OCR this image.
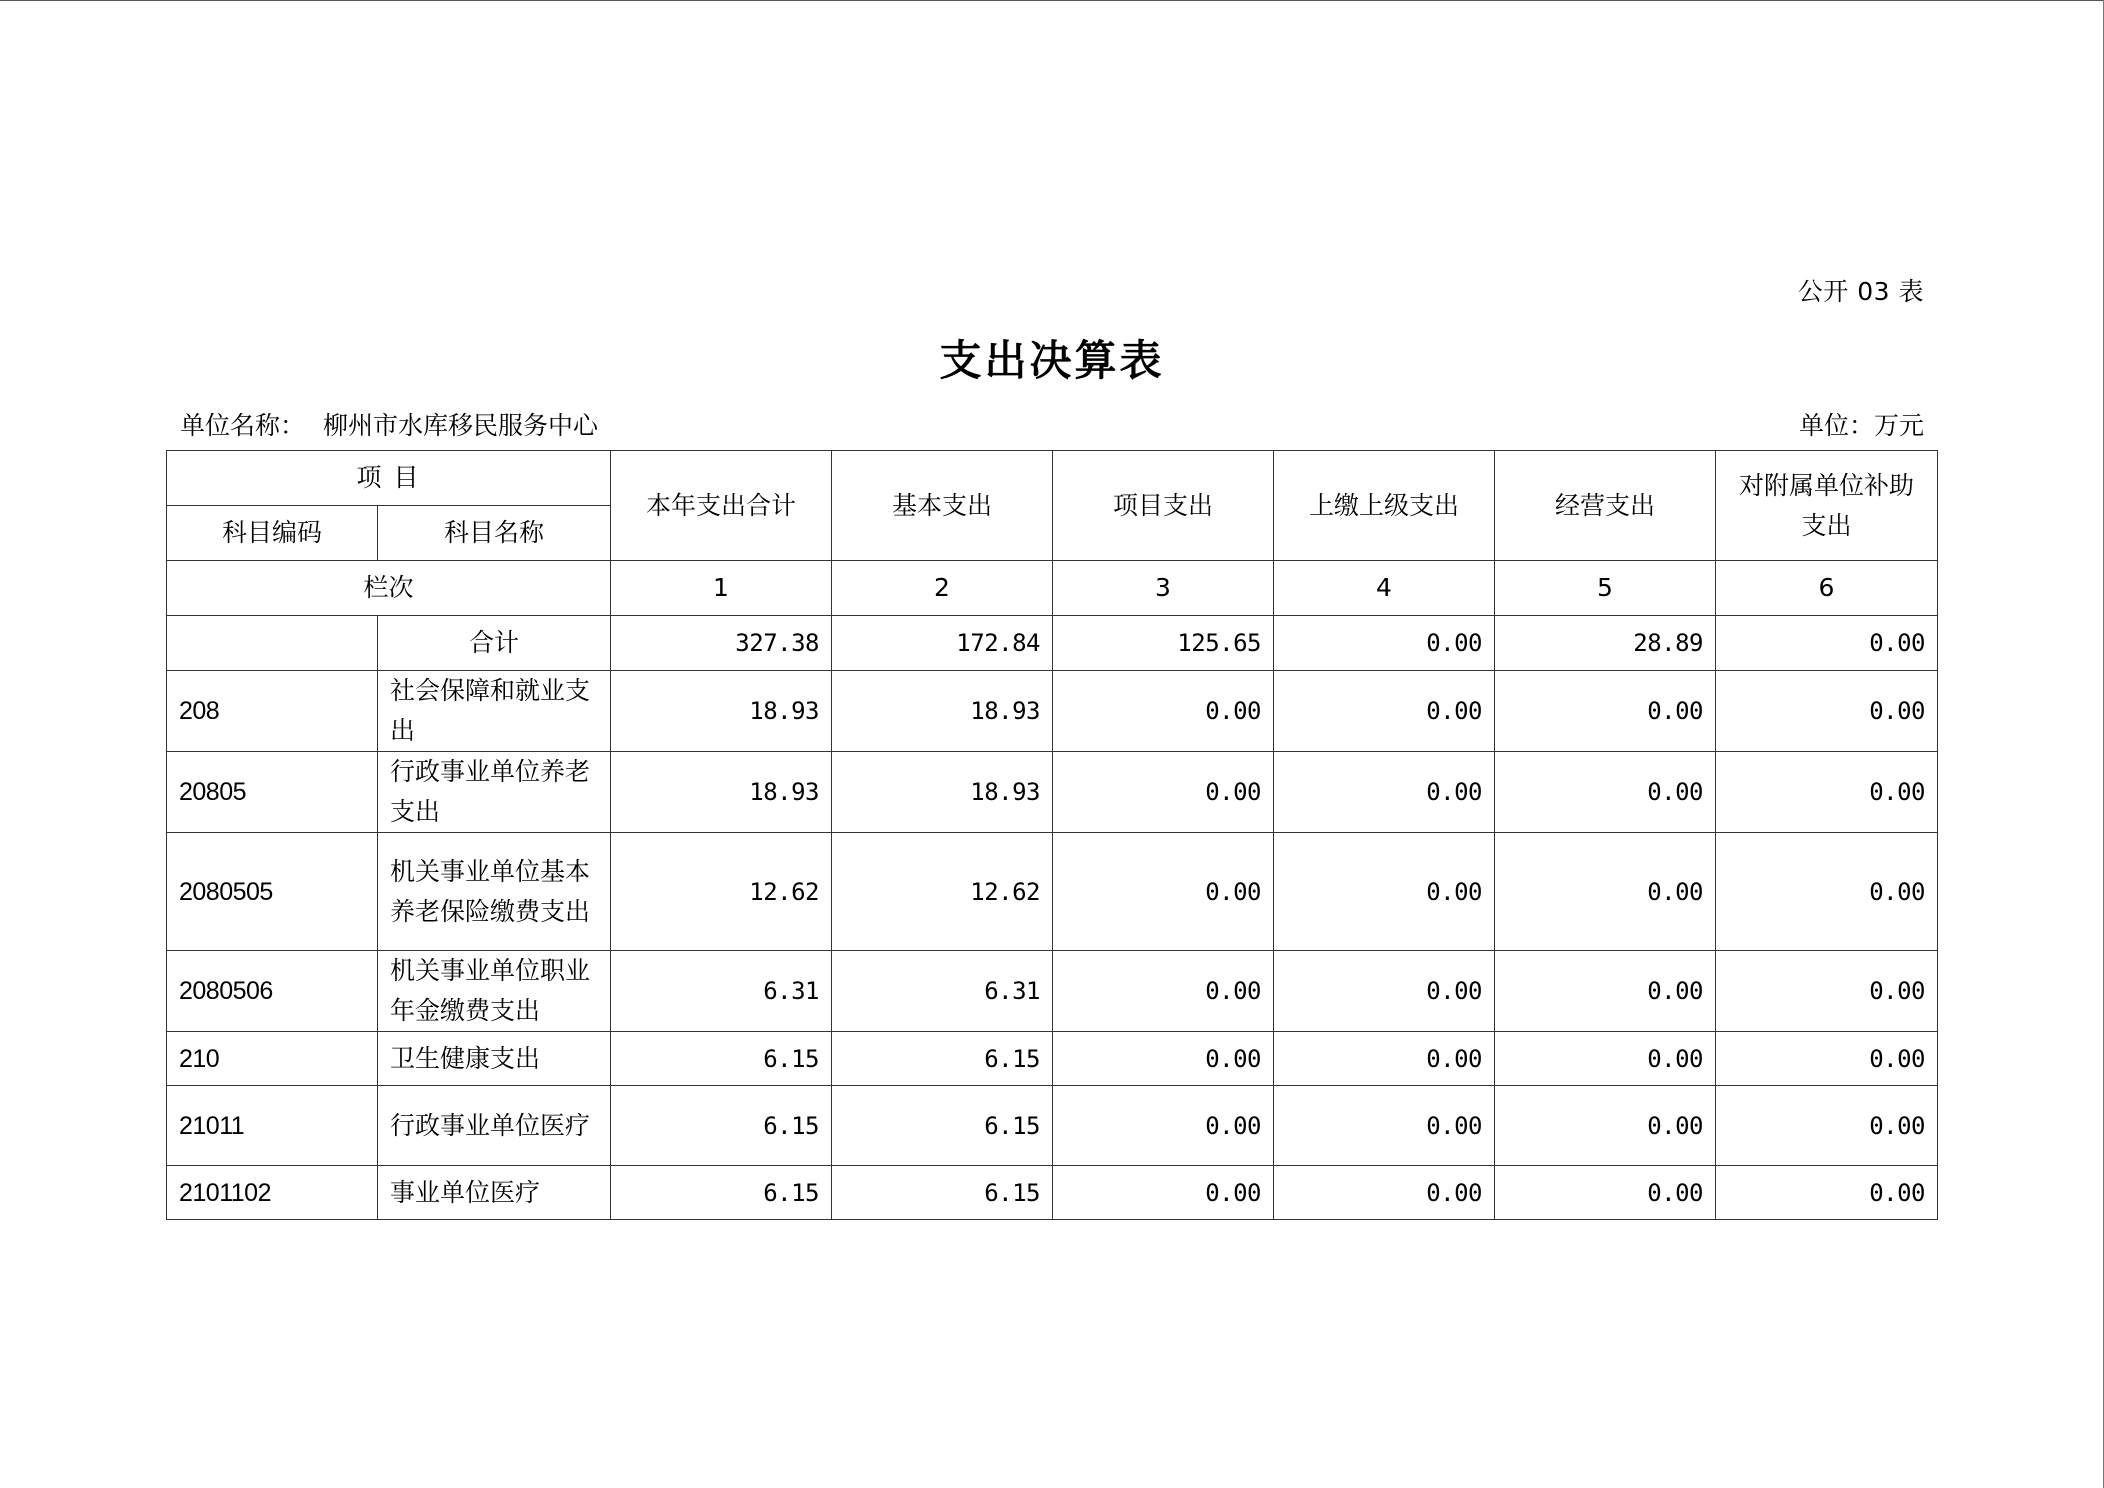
公开 03 表
支出决算表
单位名称： 柳州市水库移民服务中心	单位：万元
项 目		本年支出合计	基本支出	项目支出	上缴上级支出	经营支出	对附属单位补助支出
科目编码	科目名称						
栏次		1	2	3	4	5	6
	合计	327.38	172.84	125.65	0.00	28.89	0.00
208	社会保障和就业支出	18.93	18.93	0.00	0.00	0.00	0.00
20805	行政事业单位养老支出	18.93	18.93	0.00	0.00	0.00	0.00
2080505	机关事业单位基本养老保险缴费支出	12.62	12.62	0.00	0.00	0.00	0.00
2080506	机关事业单位职业年金缴费支出	6.31	6.31	0.00	0.00	0.00	0.00
210	卫生健康支出	6.15	6.15	0.00	0.00	0.00	0.00
21011	行政事业单位医疗	6.15	6.15	0.00	0.00	0.00	0.00
2101102	事业单位医疗	6.15	6.15	0.00	0.00	0.00	0.00
